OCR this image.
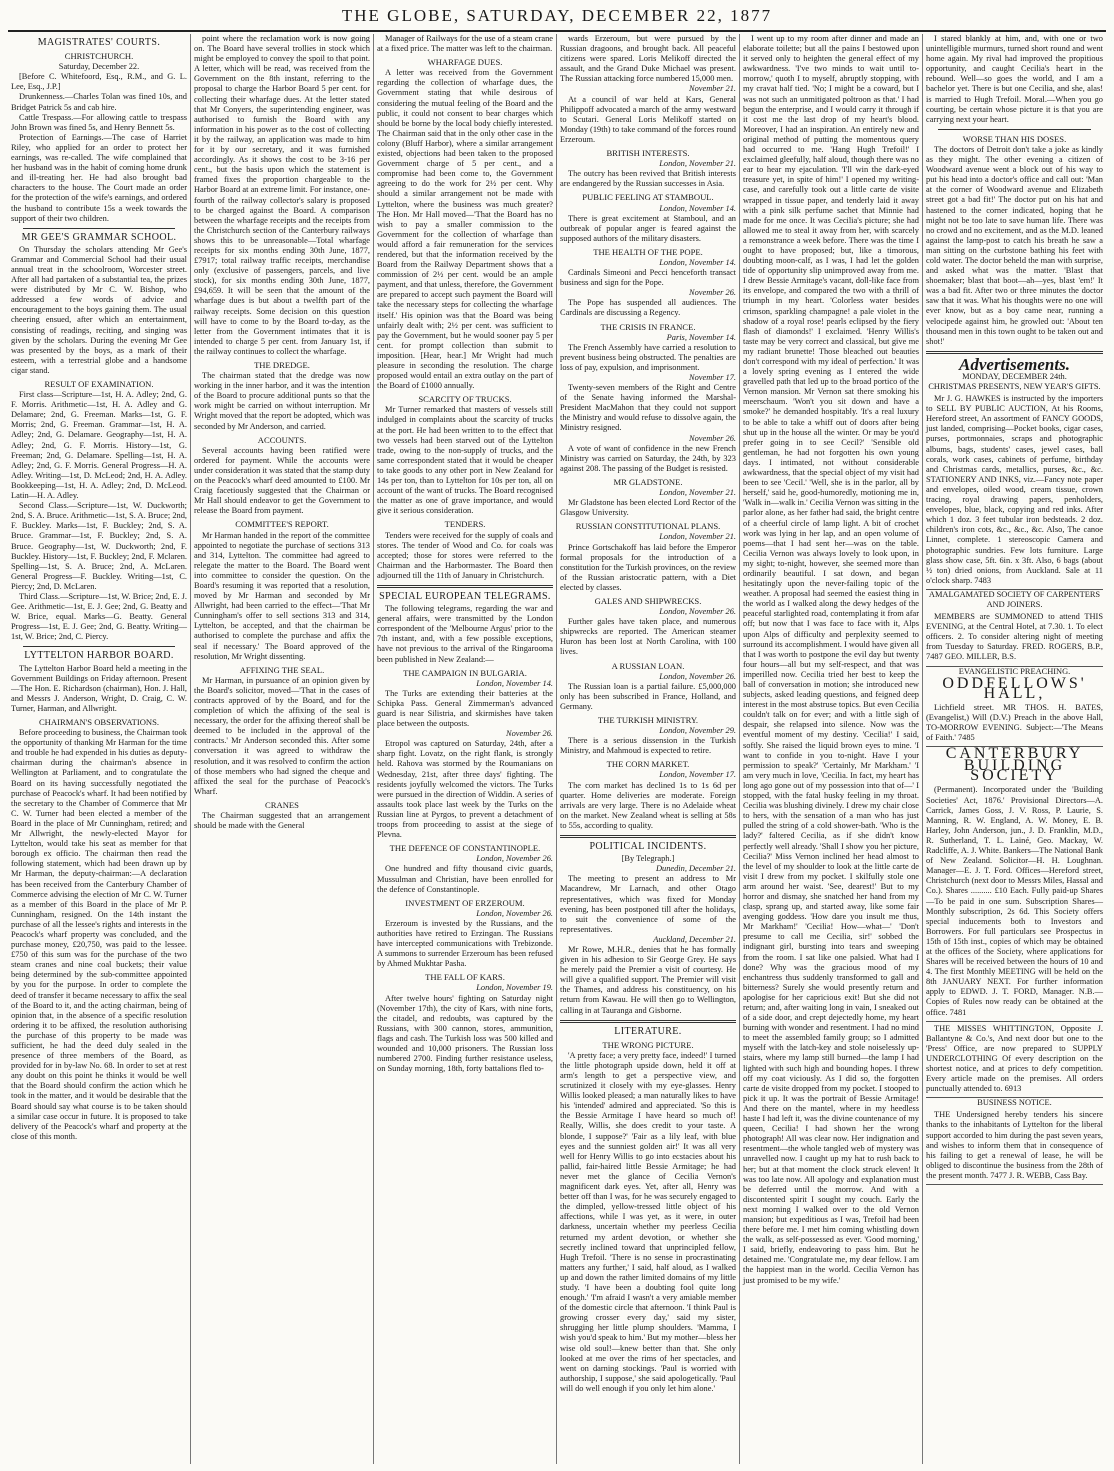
THE GLOBE, SATURDAY, DECEMBER 22, 1877
MAGISTRATES' COURTS.
CHRISTCHURCH.
Saturday, December 22.

[Before C. Whitefoord, Esq., R.M., and G. L. Lee, Esq., J.P.]

Drunkenness.—Charles Tolan was fined 10s, and Bridget Patrick 5s and cab hire.

Cattle Trespass.—For allowing cattle to trespass John Brown was fined 5s, and Henry Bennett 5s.

Protection of Earnings.—The case of Harriet Riley, who applied for an order to protect her earnings, was re-called. The wife complained that her husband was in the habit of coming home drunk and ill-treating her. He had also brought bad characters to the house. The Court made an order for the protection of the wife's earnings, and ordered the husband to contribute 15s a week towards the support of their two children.

MR GEE'S GRAMMAR SCHOOL.

On Thursday the scholars attending Mr Gee's Grammar and Commercial School had their usual annual treat in the schoolroom, Worcester street. After all had partaken of a substantial tea, the prizes were distributed by Mr C. W. Bishop, who addressed a few words of advice and encouragement to the boys gaining them. The usual cheering ensued, after which an entertainment, consisting of readings, reciting, and singing was given by the scholars. During the evening Mr Gee was presented by the boys, as a mark of their esteem, with a terrestrial globe and a handsome cigar stand.

RESULT OF EXAMINATION.

First class—Scripture—1st, H. A. Adley; 2nd, G. F. Morris. Arithmetic—1st, H. A. Adley and G. Delamare; 2nd, G. Freeman. Marks—1st, G. F. Morris; 2nd, G. Freeman. Grammar—1st, H. A. Adley; 2nd, G. Delamare. Geography—1st, H. A. Adley; 2nd, G. F. Morris. History—1st, G. Freeman; 2nd, G. Delamare. Spelling—1st, H. A. Adley; 2nd, G. F. Morris. General Progress—H. A. Adley. Writing—1st, D. McLeod; 2nd, H. A. Adley. Bookkeeping—1st, H. A. Adley; 2nd, D. McLeod. Latin—H. A. Adley.

Second Class.—Scripture—1st, W. Duckworth; 2nd, S. A. Bruce. Arithmetic—1st, S. A. Bruce; 2nd, F. Buckley. Marks—1st, F. Buckley; 2nd, S. A. Bruce. Grammar—1st, F. Buckley; 2nd, S. A. Bruce. Geography—1st, W. Duckworth; 2nd, F. Buckley. History—1st, F. Buckley; 2nd, F. Mclaren. Spelling—1st, S. A. Bruce; 2nd, A. McLaren. General Progress—F. Buckley. Writing—1st, C. Piercy; 2nd, D. McLaren.

Third Class.—Scripture—1st, W. Brice; 2nd, E. J. Gee. Arithmetic—1st, E. J. Gee; 2nd, G. Beatty and W. Brice, equal. Marks—G. Beatty. General Progress—1st, E. J. Gee; 2nd, G. Beatty. Writing—1st, W. Brice; 2nd, C. Piercy.

LYTTELTON HARBOR BOARD.

The Lyttelton Harbor Board held a meeting in the Government Buildings on Friday afternoon. Present—The Hon. E. Richardson (chairman), Hon. J. Hall, and Messrs J. Anderson, Wright, D. Craig, C. W. Turner, Harman, and Allwright.

CHAIRMAN'S OBSERVATIONS.

Before proceeding to business, the Chairman took the opportunity of thanking Mr Harman for the time and trouble he had expended in his duties as deputy-chairman during the chairman's absence in Wellington at Parliament, and to congratulate the Board on its having successfully negotiated the purchase of Peacock's wharf. It had been notified by the secretary to the Chamber of Commerce that Mr C. W. Turner had been elected a member of the Board in the place of Mr Cunningham, retired; and Mr Allwright, the newly-elected Mayor for Lyttelton, would take his seat as member for that borough ex officio. The chairman then read the following statement, which had been drawn up by Mr Harman, the deputy-chairman:—A declaration has been received from the Canterbury Chamber of Commerce advising the election of Mr C. W. Turner as a member of this Board in the place of Mr P. Cunningham, resigned. On the 14th instant the purchase of all the lessee's rights and interests in the Peacock's wharf property was concluded, and the purchase money, £20,750, was paid to the lessee. £750 of this sum was for the purchase of the two steam cranes and nine coal buckets; their value being determined by the sub-committee appointed by you for the purpose. In order to complete the deed of transfer it became necessary to affix the seal of the Board to it, and the acting chairman, being of opinion that, in the absence of a specific resolution ordering it to be affixed, the resolution authorising the purchase of this property to be made was sufficient, he had the deed duly sealed in the presence of three members of the Board, as provided for in by-law No. 68. In order to set at rest any doubt on this point he thinks it would be well that the Board should confirm the action which he took in the matter, and it would be desirable that the Board should say what course is to be taken should a similar case occur in future. It is proposed to take delivery of the Peacock's wharf and property at the close of this month.

point where the reclamation work is now going on. The Board have several trollies in stock which might be employed to convey the spoil to that point. A letter, which will be read, was received from the Government on the 8th instant, referring to the proposal to charge the Harbor Board 5 per cent. for collecting their wharfage dues. At the letter stated that Mr Conyers, the superintending engineer, was authorised to furnish the Board with any information in his power as to the cost of collecting it by the railway, an application was made to him for it by our secretary, and it was furnished accordingly. As it shows the cost to be 3-16 per cent., but the basis upon which the statement is framed fixes the proportion chargeable to the Harbor Board at an extreme limit. For instance, one-fourth of the railway collector's salary is proposed to be charged against the Board. A comparison between the wharfage receipts and the receipts from the Christchurch section of the Canterbury railways shows this to be unreasonable—Total wharfage receipts for six months ending 30th June, 1877, £7917; total railway traffic receipts, merchandise only (exclusive of passengers, parcels, and live stock), for six months ending 30th June, 1877, £94,659. It will be seen that the amount of the wharfage dues is but about a twelfth part of the railway receipts. Some decision on this question will have to come to by the Board to-day, as the letter from the Government intimates that it is intended to charge 5 per cent. from January 1st, if the railway continues to collect the wharfage.

THE DREDGE.

The chairman stated that the dredge was now working in the inner harbor, and it was the intention of the Board to procure additional punts so that the work might be carried on without interruption. Mr Wright moved that the report be adopted, which was seconded by Mr Anderson, and carried.

ACCOUNTS.

Several accounts having been ratified were ordered for payment. While the accounts were under consideration it was stated that the stamp duty on the Peacock's wharf deed amounted to £100. Mr Craig facetiously suggested that the Chairman or Mr Hall should endeavor to get the Government to release the Board from payment.

COMMITTEE'S REPORT.

Mr Harman handed in the report of the committee appointed to negotiate the purchase of sections 313 and 314, Lyttelton. The committee had agreed to relegate the matter to the Board. The Board went into committee to consider the question. On the Board's resuming it was reported that a resolution, moved by Mr Harman and seconded by Mr Allwright, had been carried to the effect—'That Mr Cunningham's offer to sell sections 313 and 314, Lyttelton, be accepted, and that the chairman be authorised to complete the purchase and affix the seal if necessary.' The Board approved of the resolution, Mr Wright dissenting.

AFFIXING THE SEAL.

Mr Harman, in pursuance of an opinion given by the Board's solicitor, moved—'That in the cases of contracts approved of by the Board, and for the completion of which the affixing of the seal is necessary, the order for the affixing thereof shall be deemed to be included in the approval of the contracts.' Mr Anderson seconded this. After some conversation it was agreed to withdraw the resolution, and it was resolved to confirm the action of those members who had signed the cheque and affixed the seal for the purchase of Peacock's Wharf.

CRANES

The Chairman suggested that an arrangement should be made with the General

Manager of Railways for the use of a steam crane at a fixed price. The matter was left to the chairman.

WHARFAGE DUES.

A letter was received from the Government regarding the collection of wharfage dues, the Government stating that while desirous of considering the mutual feeling of the Board and the public, it could not consent to bear charges which should be borne by the local body chiefly interested. The Chairman said that in the only other case in the colony (Bluff Harbor), where a similar arrangement existed, objections had been taken to the proposed Government charge of 5 per cent., and a compromise had been come to, the Government agreeing to do the work for 2½ per cent. Why should a similar arrangement not be made with Lyttelton, where the business was much greater? The Hon. Mr Hall moved—'That the Board has no wish to pay a smaller commission to the Government for the collection of wharfage than would afford a fair remuneration for the services rendered, but that the information received by the Board from the Railway Department shows that a commission of 2½ per cent. would be an ample payment, and that unless, therefore, the Government are prepared to accept such payment the Board will take the necessary steps for collecting the wharfage itself.' His opinion was that the Board was being unfairly dealt with; 2½ per cent. was sufficient to pay the Government, but he would sooner pay 5 per cent. for prompt collection than submit to imposition. [Hear, hear.] Mr Wright had much pleasure in seconding the resolution. The charge proposed would entail an extra outlay on the part of the Board of £1000 annually.

SCARCITY OF TRUCKS.

Mr Turner remarked that masters of vessels still indulged in complaints about the scarcity of trucks at the port. He had been written to to the effect that two vessels had been starved out of the Lyttelton trade, owing to the non-supply of trucks, and the same correspondent stated that it would be cheaper to take goods to any other port in New Zealand for 14s per ton, than to Lyttelton for 10s per ton, all on account of the want of trucks. The Board recognised the matter as one of grave importance, and would give it serious consideration.

TENDERS.

Tenders were received for the supply of coals and stores. The tender of Wood and Co. for coals was accepted; those for stores were referred to the Chairman and the Harbormaster. The Board then adjourned till the 11th of January in Christchurch.

SPECIAL EUROPEAN TELEGRAMS.

The following telegrams, regarding the war and general affairs, were transmitted by the London correspondent of the 'Melbourne Argus' prior to the 7th instant, and, with a few possible exceptions, have not previous to the arrival of the Ringarooma been published in New Zealand:—

THE CAMPAIGN IN BULGARIA.
London, November 14.

The Turks are extending their batteries at the Schipka Pass. General Zimmerman's advanced guard is near Silistria, and skirmishes have taken place between the outposts.

November 26.

Etropol was captured on Saturday, 24th, after a sharp fight. Lovatz, on the right flank, is strongly held. Rahova was stormed by the Roumanians on Wednesday, 21st, after three days' fighting. The residents joyfully welcomed the victors. The Turks were pursued in the direction of Widdin. A series of assaults took place last week by the Turks on the Russian line at Pyrgos, to prevent a detachment of troops from proceeding to assist at the siege of Plevna.

THE DEFENCE OF CONSTANTINOPLE.
London, November 26.

One hundred and fifty thousand civic guards, Mussulman and Christian, have been enrolled for the defence of Constantinople.

INVESTMENT OF ERZEROUM.
London, November 26.

Erzeroum is invested by the Russians, and the authorities have retired to Erzingan. The Russians have intercepted communications with Trebizonde. A summons to surrender Erzeroum has been refused by Ahmed Mukhtar Pasha.

THE FALL OF KARS.
London, November 19.

After twelve hours' fighting on Saturday night (November 17th), the city of Kars, with nine forts, the citadel, and redoubts, was captured by the Russians, with 300 cannon, stores, ammunition, flags and cash. The Turkish loss was 500 killed and wounded and 10,000 prisoners. The Russian loss numbered 2700. Finding further resistance useless, on Sunday morning, 18th, forty battalions fled to-

wards Erzeroum, but were pursued by the Russian dragoons, and brought back. All peaceful citizens were spared. Loris Melikoff directed the assault, and the Grand Duke Michael was present. The Russian attacking force numbered 15,000 men.

November 21.

At a council of war held at Kars, General Philippoff advocated a march of the army westward to Scutari. General Loris Melikoff started on Monday (19th) to take command of the forces round Erzeroum.

BRITISH INTERESTS.
London, November 21.

The outcry has been revived that British interests are endangered by the Russian successes in Asia.

PUBLIC FEELING AT STAMBOUL.
London, November 14.

There is great excitement at Stamboul, and an outbreak of popular anger is feared against the supposed authors of the military disasters.

THE HEALTH OF THE POPE.
London, November 14.

Cardinals Simeoni and Pecci henceforth transact business and sign for the Pope.

November 26.

The Pope has suspended all audiences. The Cardinals are discussing a Regency.

THE CRISIS IN FRANCE.
Paris, November 14.

The French Assembly have carried a resolution to prevent business being obstructed. The penalties are loss of pay, expulsion, and imprisonment.

November 17.

Twenty-seven members of the Right and Centre of the Senate having informed the Marshal-President MacMahon that they could not support the Ministry and would refuse to dissolve again, the Ministry resigned.

November 26.

A vote of want of confidence in the new French Ministry was carried on Saturday, the 24th, by 323 against 208. The passing of the Budget is resisted.

MR GLADSTONE.
London, November 21.

Mr Gladstone has been elected Lord Rector of the Glasgow University.

RUSSIAN CONSTITUTIONAL PLANS.
London, November 21.

Prince Gortschakoff has laid before the Emperor formal proposals for the introduction of a constitution for the Turkish provinces, on the review of the Russian aristocratic pattern, with a Diet elected by classes.

GALES AND SHIPWRECKS.
London, November 26.

Further gales have taken place, and numerous shipwrecks are reported. The American steamer Huron has been lost at North Carolina, with 100 lives.

A RUSSIAN LOAN.
London, November 26.

The Russian loan is a partial failure. £5,000,000 only has been subscribed in France, Holland, and Germany.

THE TURKISH MINISTRY.
London, November 29.

There is a serious dissension in the Turkish Ministry, and Mahmoud is expected to retire.

THE CORN MARKET.
London, November 17.

The corn market has declined 1s to 1s 6d per quarter. Home deliveries are moderate. Foreign arrivals are very large. There is no Adelaide wheat on the market. New Zealand wheat is selling at 58s to 55s, according to quality.

POLITICAL INCIDENTS.
[By Telegraph.]
Dunedin, December 21.

The meeting to present an address to Mr Macandrew, Mr Larnach, and other Otago representatives, which was fixed for Monday evening, has been postponed till after the holidays, to suit the convenience of some of the representatives.

Auckland, December 21.

Mr Rowe, M.H.R., denies that he has formally given in his adhesion to Sir George Grey. He says he merely paid the Premier a visit of courtesy. He will give a qualified support. The Premier will visit the Thames, and address his constituency, on his return from Kawau. He will then go to Wellington, calling in at Tauranga and Gisborne.

LITERATURE.
THE WRONG PICTURE.

'A pretty face; a very pretty face, indeed!' I turned the little photograph upside down, held it off at arm's length to get a perspective view, and scrutinized it closely with my eye-glasses. Henry Willis looked pleased; a man naturally likes to have his 'intended' admired and appreciated. 'So this is the Bessie Armitage I have heard so much of! Really, Willis, she does credit to your taste. A blonde, I suppose?' 'Fair as a lily leaf, with blue eyes and the sunniest golden air!' It was all very well for Henry Willis to go into ecstacies about his pallid, fair-haired little Bessie Armitage; he had never met the glance of Cecilia Vernon's magnificent dark eyes. Yet, after all, Henry was better off than I was, for he was securely engaged to the dimpled, yellow-tressed little object of his affections, while I was yet, as it were, in outer darkness, uncertain whether my peerless Cecilia returned my ardent devotion, or whether she secretly inclined toward that unprincipled fellow, Hugh Trefoil. 'There is no sense in procrastinating matters any further,' I said, half aloud, as I walked up and down the rather limited domains of my little study. 'I have been a doubting fool quite long enough.' 'I'm afraid I wasn't a very amiable member of the domestic circle that afternoon. 'I think Paul is growing crosser every day,' said my sister, shrugging her little plump shoulders. 'Mamma, I wish you'd speak to him.' But my mother—bless her wise old soul!—knew better than that. She only looked at me over the rims of her spectacles, and went on darning stockings. 'Paul is worried with authorship, I suppose,' she said apologetically. 'Paul will do well enough if you only let him alone.'

I went up to my room after dinner and made an elaborate toilette; but all the pains I bestowed upon it served only to heighten the general effect of my awkwardness. 'I've two minds to wait until to-morrow,' quoth I to myself, abruptly stopping, with my cravat half tied. 'No; I might be a coward, but I was not such an unmitigated poltroon as that.' I had begun the enterprise, and I would carry it through if it cost me the last drop of my heart's blood. Moreover, I had an inspiration. An entirely new and original method of putting the momentous query had occurred to me. 'Hang Hugh Trefoil!' I exclaimed gleefully, half aloud, though there was no ear to hear my ejaculation. 'I'll win the dark-eyed treasure yet, in spite of him!' I opened my writing-case, and carefully took out a little carte de visite wrapped in tissue paper, and tenderly laid it away with a pink silk perfume sachet that Minnie had made for me once. It was Cecilia's picture; she had allowed me to steal it away from her, with scarcely a remonstrance a week before. There was the time I ought to have proposed; but, like a timorous, doubting moon-calf, as I was, I had let the golden tide of opportunity slip unimproved away from me. I drew Bessie Armitage's vacant, doll-like face from its envelope, and compared the two with a thrill of triumph in my heart. 'Colorless water besides crimson, sparkling champagne! a pale violet in the shadow of a royal rose! pearls eclipsed by the fiery flash of diamonds!' I exclaimed. 'Henry Willis's taste may be very correct and classical, but give me my radiant brunette! Those bleached out beauties don't correspond with my ideal of perfection.' It was a lovely spring evening as I entered the wide gravelled path that led up to the broad portico of the Vernon mansion. Mr Vernon sat there smoking his meerschaum. 'Won't you sit down and have a smoke?' he demanded hospitably. 'It's a real luxury to be able to take a whiff out of doors after being shut up in the house all the winter. Or may be you'd prefer going in to see Cecil?' 'Sensible old gentleman, he had not forgotten his own young days. I intimated, not without considerable awkwardness, that the special object of my visit had been to see 'Cecil.' 'Well, she is in the parlor, all by herself,' said he, good-humoredly, motioning me in, 'Walk in—walk in.' Cecilia Vernon was sitting in the parlor alone, as her father had said, the bright centre of a cheerful circle of lamp light. A bit of crochet work was lying in her lap, and an open volume of poems—that I had sent her—was on the table. Cecilia Vernon was always lovely to look upon, in my sight; to-night, however, she seemed more than ordinarily beautiful. I sat down, and began hesitatingly upon the never-failing topic of the weather. A proposal had seemed the easiest thing in the world as I walked along the dewy hedges of the peaceful starlighted road, contemplating it from afar off; but now that I was face to face with it, Alps upon Alps of difficulty and perplexity seemed to surround its accomplishment. I would have given all that I was worth to postpone the evil day but twenty four hours—all but my self-respect, and that was imperilled now. Cecilia tried her best to keep the ball of conversation in motion; she introduced new subjects, asked leading questions, and feigned deep interest in the most abstruse topics. But even Cecilia couldn't talk on for ever; and with a little sigh of despair, she relapsed into silence. Now was the eventful moment of my destiny. 'Cecilia!' I said, softly. She raised the liquid brown eyes to mine. 'I want to confide in you to-night. Have I your permission to speak?' 'Certainly, Mr Markham.' 'I am very much in love, 'Cecilia. In fact, my heart has long ago gone out of my possession into that of—' I stopped, with the fatal husky feeling in my throat. Cecilia was blushing divinely. I drew my chair close to hers, with the sensation of a man who has just pulled the string of a cold shower-bath. 'Who is the lady?' faltered Cecilia, as if she didn't know perfectly well already. 'Shall I show you her picture, Cecilia?' Miss Vernon inclined her head almost to the level of my shoulder to look at the little carte de visit I drew from my pocket. I skilfully stole one arm around her waist. 'See, dearest!' But to my horror and dismay, she snatched her hand from my clasp, sprang up, and started away, like some fair avenging goddess. 'How dare you insult me thus, Mr Markham!' 'Cecilia! How—what—' 'Don't presume to call me Cecilia, sir!' sobbed the indignant girl, bursting into tears and sweeping from the room. I sat like one palsied. What had I done? Why was the gracious mood of my enchantress thus suddenly transformed to gall and bitterness? Surely she would presently return and apologise for her capricious exit! But she did not return; and, after waiting long in vain, I sneaked out of a side door, and crept dejectedly home, my heart burning with wonder and resentment. I had no mind to meet the assembled family group; so I admitted myself with the latch-key and stole noiselessly up-stairs, where my lamp still burned—the lamp I had lighted with such high and bounding hopes. I threw off my coat viciously. As I did so, the forgotten carte de visite dropped from my pocket. I stooped to pick it up. It was the portrait of Bessie Armitage! And there on the mantel, where in my heedless haste I had left it, was the divine countenance of my queen, Cecilia! I had shown her the wrong photograph! All was clear now. Her indignation and resentment—the whole tangled web of mystery was unravelled now. I caught up my hat to rush back to her; but at that moment the clock struck eleven! It was too late now. All apology and explanation must be deferred until the morrow. And with a discontented spirit I sought my couch. Early the next morning I walked over to the old Vernon mansion; but expeditious as I was, Trefoil had been there before me. I met him coming whistling down the walk, as self-possessed as ever. 'Good morning,' I said, briefly, endeavoring to pass him. But he detained me. 'Congratulate me, my dear fellow. I am the happiest man in the world. Cecilia Vernon has just promised to be my wife.'

I stared blankly at him, and, with one or two unintelligible murmurs, turned short round and went home again. My rival had improved the propitious opportunity, and caught Cecilia's heart in the rebound. Well—so goes the world, and I am a bachelor yet. There is but one Cecilia, and she, alas! is married to Hugh Trefoil. Moral.—When you go courting, be certain whose picture it is that you are carrying next your heart.

WORSE THAN HIS DOSES.

The doctors of Detroit don't take a joke as kindly as they might. The other evening a citizen of Woodward avenue went a block out of his way to put his head into a doctor's office and call out: 'Man at the corner of Woodward avenue and Elizabeth street got a bad fit!' The doctor put on his hat and hastened to the corner indicated, hoping that he might not be too late to save human life. There was no crowd and no excitement, and as the M.D. leaned against the lamp-post to catch his breath he saw a man sitting on the curbstone bathing his feet with cold water. The doctor beheld the man with surprise, and asked what was the matter. 'Blast that shoemaker; blast that boot—ah—yes, blast 'em!' It was a bad fit. After two or three minutes the doctor saw that it was. What his thoughts were no one will ever know, but as a boy came near, running a velocipede against him, he growled out: 'About ten thousand men in this town ought to be taken out and shot!'

Advertisements.
MONDAY, DECEMBER 24th.
CHRISTMAS PRESENTS, NEW YEAR'S GIFTS.

Mr J. G. HAWKES is instructed by the importers to SELL BY PUBLIC AUCTION, At his Rooms, Hereford street, An assortment of FANCY GOODS, just landed, comprising—Pocket books, cigar cases, purses, portmonnaies, scraps and photographic albums, bags, students' cases, jewel cases, ball corals, work cases, cabinets of perfume, birthday and Christmas cards, metallics, purses, &c., &c. STATIONERY AND INKS, viz.—Fancy note paper and envelopes, oiled wood, cream tissue, crown tracing, royal drawing papers, penholders, envelopes, blue, black, copying and red inks. After which 1 doz. 3 feet tubular iron bedsteads. 2 doz. children's iron cots, &c., &c., &c. Also, The canoe Linnet, complete. 1 stereoscopic Camera and photographic sundries. Few lots furniture. Large glass show case, 5ft. 6in. x 3ft. Also, 6 bags (about ½ ton) dried onions, from Auckland. Sale at 11 o'clock sharp. 7483

AMALGAMATED SOCIETY OF CARPENTERS AND JOINERS.

MEMBERS are SUMMONED to attend THIS EVENING, at the Central Hotel, at 7.30. 1. To elect officers. 2. To consider altering night of meeting from Tuesday to Saturday. FRED. ROGERS, B.P., 7487 GEO. MILLER, B.S.

EVANGELISTIC PREACHING.
ODDFELLOWS' HALL,

Lichfield street. MR THOS. H. BATES, (Evangelist,) Will (D.V.) Preach in the above Hall, TO-MORROW EVENING. Subject:—'The Means of Faith.' 7485

CANTERBURY
BUILDING SOCIETY

(Permanent). Incorporated under the 'Building Societies' Act, 1876.' Provisional Directors—A. Carrick, James Goss, J. V. Ross, P. Laurie, S. Manning, R. W. England, A. W. Money, E. B. Harley, John Anderson, jun., J. D. Franklin, M.D., R. Sutherland, T. L. Lainé, Geo. Mackay, W. Radcliffe, A. J. White. Bankers—The National Bank of New Zealand. Solicitor—H. H. Loughnan. Manager—E. J. T. Ford. Offices—Hereford street, Christchurch (next door to Messrs Miles, Hassal and Co.). Shares .......... £10 Each. Fully paid-up Shares—To be paid in one sum. Subscription Shares—Monthly subscription, 2s 6d. This Society offers special inducements both to Investors and Borrowers. For full particulars see Prospectus in 15th of 15th inst., copies of which may be obtained at the offices of the Society, where applications for Shares will be received between the hours of 10 and 4. The first Monthly MEETING will be held on the 8th JANUARY NEXT. For further information apply to EDWD. J. T. FORD, Manager. N.B.—Copies of Rules now ready can be obtained at the office. 7481

THE MISSES WHITTINGTON, Opposite J. Ballantyne & Co.'s, And next door but one to the 'Press' Office, are now prepared to SUPPLY UNDERCLOTHING Of every description on the shortest notice, and at prices to defy competition. Every article made on the premises. All orders punctually attended to. 6913

BUSINESS NOTICE.

THE Undersigned hereby tenders his sincere thanks to the inhabitants of Lyttelton for the liberal support accorded to him during the past seven years, and wishes to inform them that in consequence of his failing to get a renewal of lease, he will be obliged to discontinue the business from the 28th of the present month. 7477 J. R. WEBB, Cass Bay.
